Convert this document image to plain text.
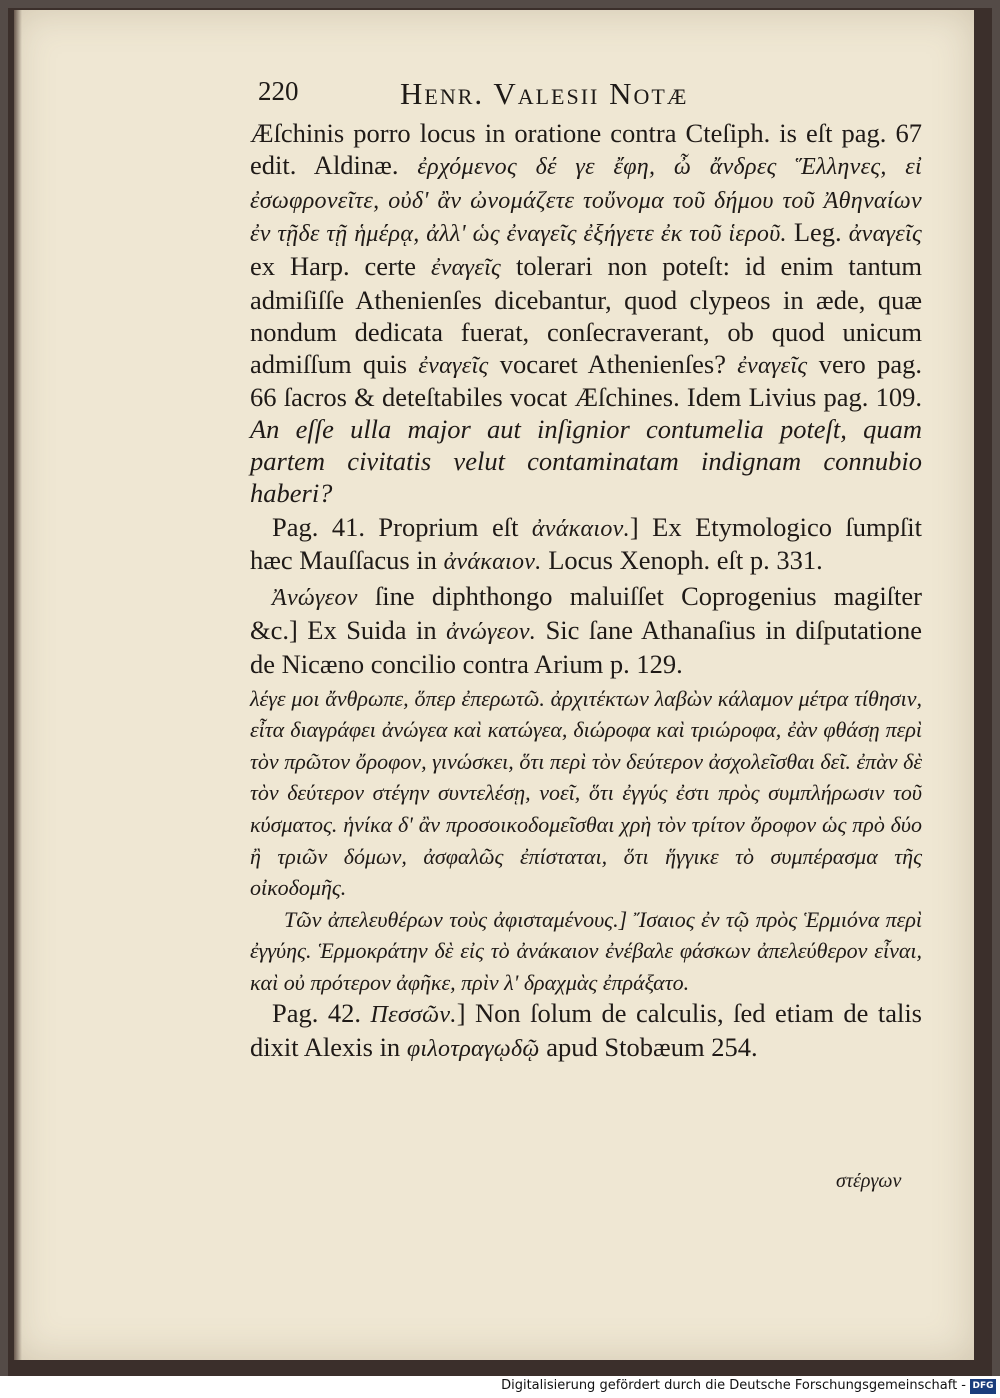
220	Henr. Valesii Notæ

Æſchinis porro locus in oratione contra Cteſiph. is eſt pag. 67 edit. Aldinæ. ἐρχόμενος δέ γε ἔφη, ὦ ἄνδρες Ἕλληνες, εἰ ἐσωφρονεῖτε, οὐδ' ἂν ὠνομάζετε τοὔνομα τοῦ δήμου τοῦ Ἀθηναίων ἐν τῇδε τῇ ἡμέρᾳ, ἀλλ' ὡς ἐναγεῖς ἐξήγετε ἐκ τοῦ ἱεροῦ. Leg. ἀναγεῖς ex Harp. certe ἐναγεῖς tolerari non poteſt: id enim tantum admiſiſſe Athenienſes dicebantur, quod clypeos in æde, quæ nondum dedicata fuerat, conſecraverant, ob quod unicum admiſſum quis ἐναγεῖς vocaret Athenienſes? ἐναγεῖς vero pag. 66 ſacros & deteſtabiles vocat Æſchines. Idem Livius pag. 109. An eſſe ulla major aut inſignior contumelia poteſt, quam partem civitatis velut contaminatam indignam connubio haberi?

Pag. 41. Proprium eſt ἀνάκαιον.] Ex Etymologico ſumpſit hæc Mauſſacus in ἀνάκαιον. Locus Xenoph. eſt p. 331.

Ἀνώγεον ſine diphthongo maluiſſet Coprogenius magiſter &c.] Ex Suida in ἀνώγεον. Sic ſane Athanaſius in diſputatione de Nicæno concilio contra Arium p. 129.

λέγε μοι ἄνθρωπε, ὅπερ ἐπερωτῶ. ἀρχιτέκτων λαβὼν κάλαμον μέτρα τίθησιν, εἶτα διαγράφει ἀνώγεα καὶ κατώγεα, διώροφα καὶ τριώροφα, ἐὰν φθάσῃ περὶ τὸν πρῶτον ὄροφον, γινώσκει, ὅτι περὶ τὸν δεύτερον ἀσχολεῖσθαι δεῖ. ἐπὰν δὲ τὸν δεύτερον στέγην συντελέσῃ, νοεῖ, ὅτι ἐγγύς ἐστι πρὸς συμπλήρωσιν τοῦ κύσματος. ἡνίκα δ' ἂν προσοικοδομεῖσθαι χρὴ τὸν τρίτον ὄροφον ὡς πρὸ δύο ἢ τριῶν δόμων, ἀσφαλῶς ἐπίσταται, ὅτι ἥγγικε τὸ συμπέρασμα τῆς οἰκοδομῆς.

Τῶν ἀπελευθέρων τοὺς ἀφισταμένους.] Ἴσαιος ἐν τῷ πρὸς Ἑρμιόνα περὶ ἐγγύης. Ἑρμοκράτην δὲ εἰς τὸ ἀνάκαιον ἐνέβαλε φάσκων ἀπελεύθερον εἶναι, καὶ οὐ πρότερον ἀφῆκε, πρὶν λ' δραχμὰς ἐπράξατο.

Pag. 42. Πεσσῶν.] Non ſolum de calculis, ſed etiam de talis dixit Alexis in φιλοτραγῳδῷ apud Stobæum 254.

στέργων
Digitalisierung gefördert durch die Deutsche Forschungsgemeinschaft - DFG
